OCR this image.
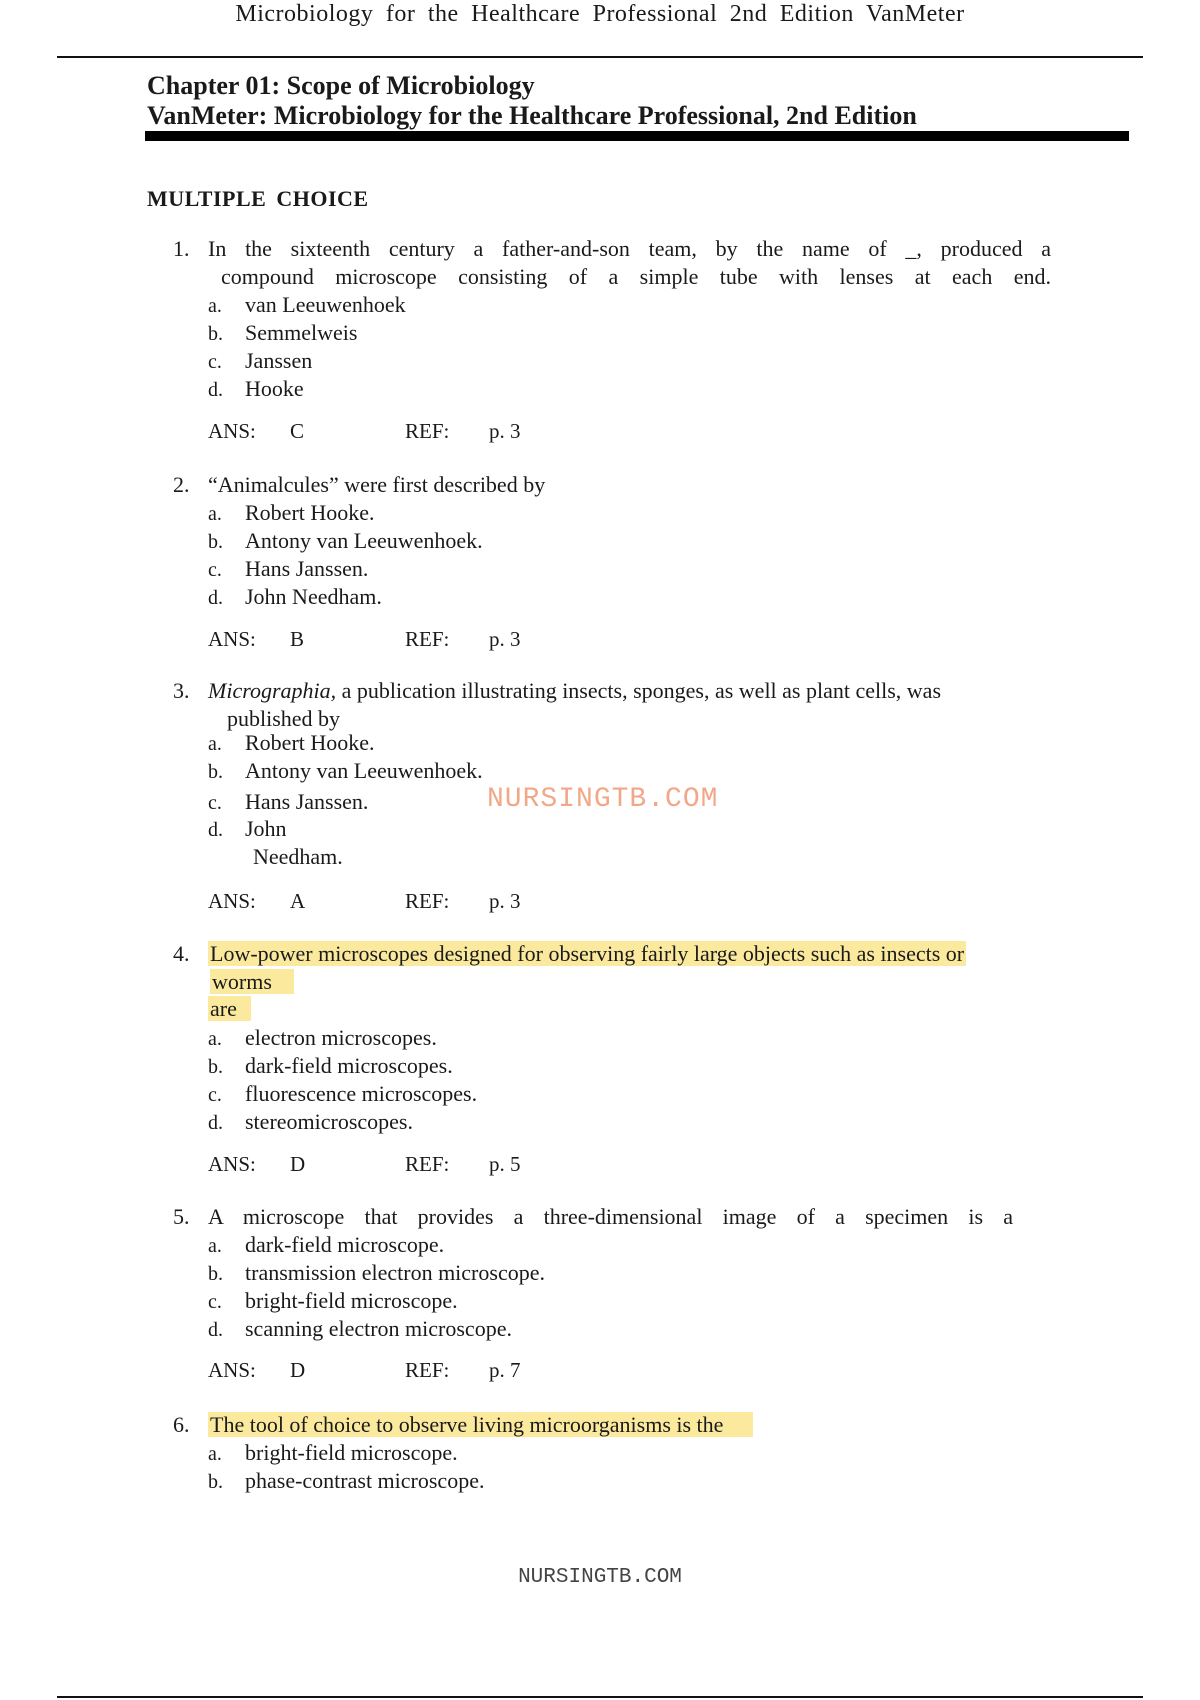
Microbiology for the Healthcare Professional 2nd Edition VanMeter
Chapter 01: Scope of Microbiology
VanMeter: Microbiology for the Healthcare Professional, 2nd Edition
MULTIPLE CHOICE
1. In the sixteenth century a father-and-son team, by the name of _, produced a
compound microscope consisting of a simple tube with lenses at each end.
a. van Leeuwenhoek
b. Semmelweis
c. Janssen
d. Hooke
ANS: C	REF: p. 3
2. “Animalcules” were first described by
a. Robert Hooke.
b. Antony van Leeuwenhoek.
c. Hans Janssen.
d. John Needham.
ANS: B	REF: p. 3
3. Micrographia, a publication illustrating insects, sponges, as well as plant cells, was
published by
a. Robert Hooke.
b. Antony van Leeuwenhoek.
c. Hans Janssen.
d. John
Needham.
ANS: A	REF: p. 3
NURSINGTB.COM
4. Low-power microscopes designed for observing fairly large objects such as insects or
worms
are
a. electron microscopes.
b. dark-field microscopes.
c. fluorescence microscopes.
d. stereomicroscopes.
ANS: D	REF: p. 5
5. A microscope that provides a three-dimensional image of a specimen is a
a. dark-field microscope.
b. transmission electron microscope.
c. bright-field microscope.
d. scanning electron microscope.
ANS: D	REF: p. 7
6. The tool of choice to observe living microorganisms is the
a. bright-field microscope.
b. phase-contrast microscope.
NURSINGTB.COM
